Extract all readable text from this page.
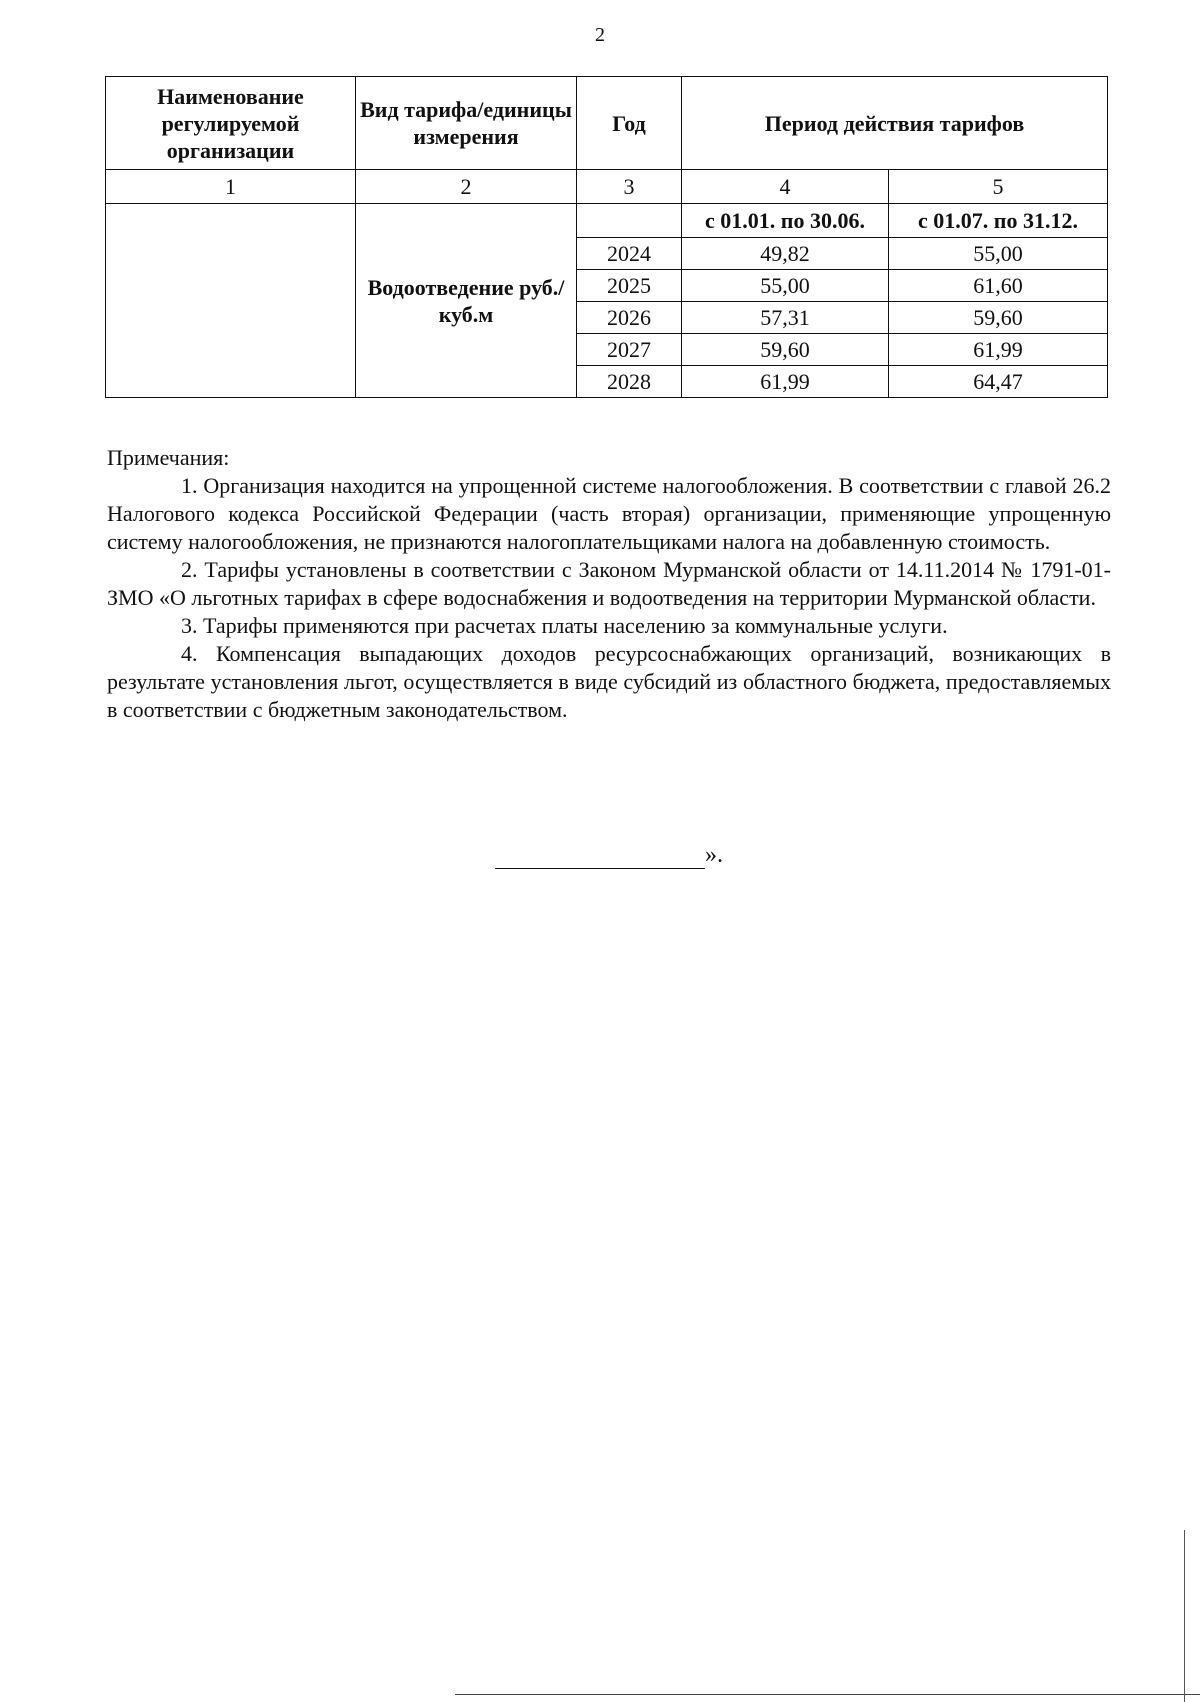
2
Наименование регулируемой организации	Вид тарифа/единицы измерения	Год	Период действия тарифов	
1	2	3	4	5
	Водоотведение руб./куб.м		с 01.01. по 30.06.	с 01.07. по 31.12.
		2024	49,82	55,00
		2025	55,00	61,60
		2026	57,31	59,60
		2027	59,60	61,99
		2028	61,99	64,47

Примечания:

1. Организация находится на упрощенной системе налогообложения. В соответствии с главой 26.2 Налогового кодекса Российской Федерации (часть вторая) организации, применяющие упрощенную систему налогообложения, не признаются налогоплательщиками налога на добавленную стоимость.

2. Тарифы установлены в соответствии с Законом Мурманской области от 14.11.2014 № 1791-01-ЗМО «О льготных тарифах в сфере водоснабжения и водоотведения на территории Мурманской области.

3. Тарифы применяются при расчетах платы населению за коммунальные услуги.

4. Компенсация выпадающих доходов ресурсоснабжающих организаций, возникающих в результате установления льгот, осуществляется в виде субсидий из областного бюджета, предоставляемых в соответствии с бюджетным законодательством.

».
